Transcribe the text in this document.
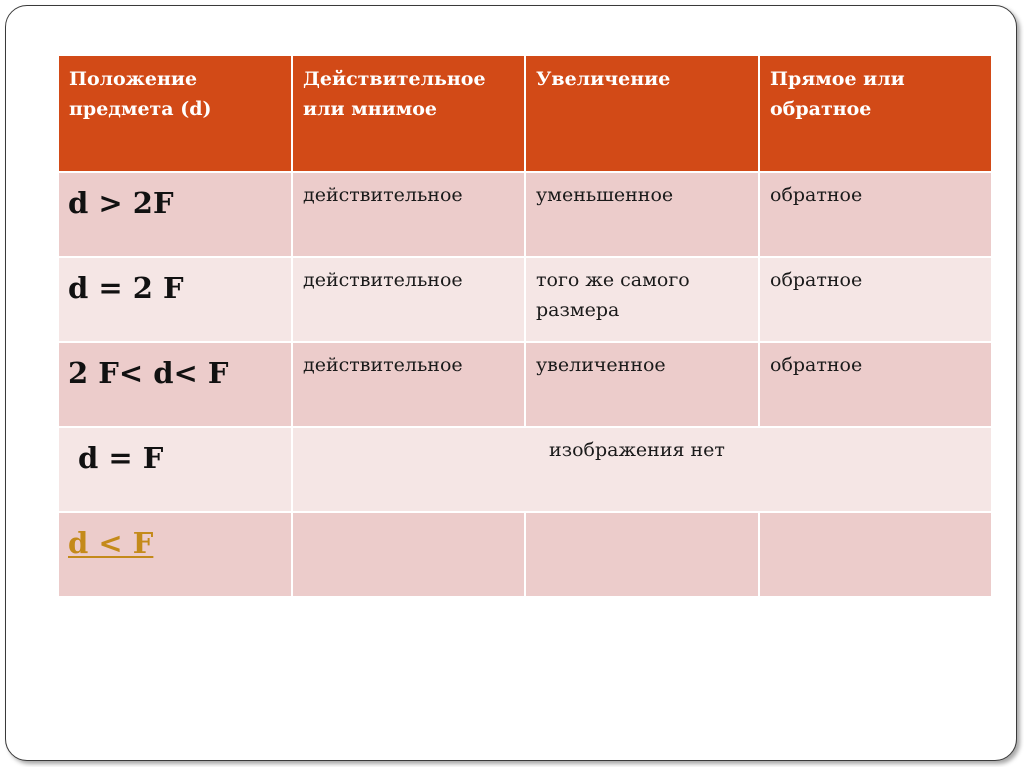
Положение предмета (d)	Действительное или мнимое	Увеличение	Прямое или обратное
d > 2F	действительное	уменьшенное	обратное
d = 2 F	действительное	того же самого размера	обратное
2 F< d< F	действительное	увеличенное	обратное
d = F	изображения нет		
d < F			
